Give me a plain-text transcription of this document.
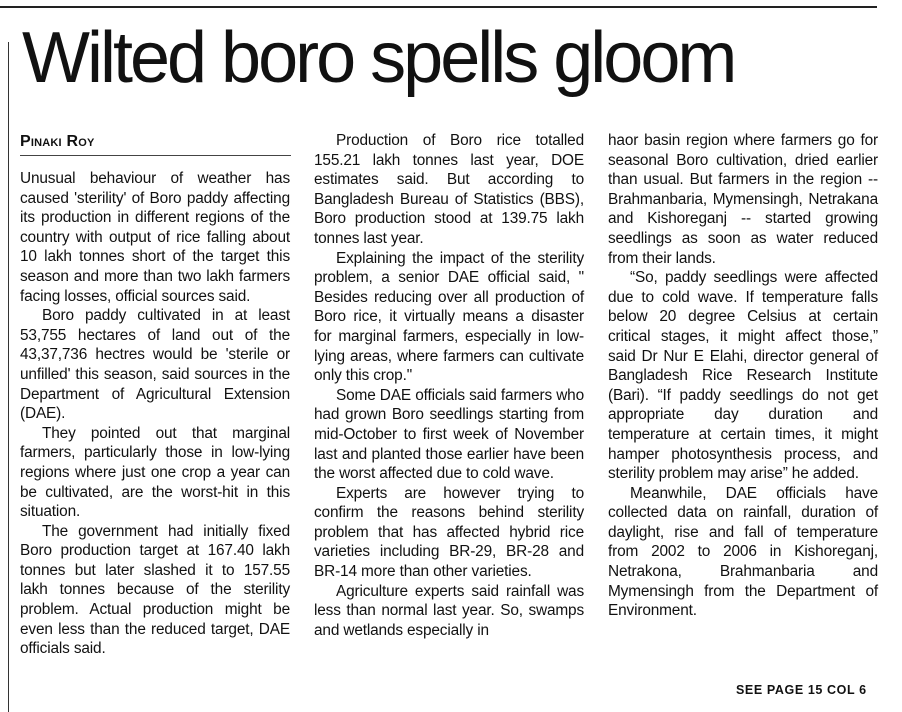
Wilted boro spells gloom
Pinaki Roy

Unusual behaviour of weather has caused 'sterility' of Boro paddy affecting its production in different regions of the country with output of rice falling about 10 lakh tonnes short of the target this season and more than two lakh farmers facing losses, official sources said.

Boro paddy cultivated in at least 53,755 hectares of land out of the 43,37,736 hectres would be 'sterile or unfilled' this season, said sources in the Department of Agricultural Extension (DAE).

They pointed out that marginal farmers, particularly those in low-lying regions where just one crop a year can be cultivated, are the worst-hit in this situation.

The government had initially fixed Boro production target at 167.40 lakh tonnes but later slashed it to 157.55 lakh tonnes because of the sterility problem. Actual production might be even less than the reduced target, DAE officials said.

Production of Boro rice totalled 155.21 lakh tonnes last year, DOE estimates said. But according to Bangladesh Bureau of Statistics (BBS), Boro production stood at 139.75 lakh tonnes last year.

Explaining the impact of the sterility problem, a senior DAE official said, " Besides reducing over all production of Boro rice, it virtually means a disaster for marginal farmers, especially in low-lying areas, where farmers can cultivate only this crop."

Some DAE officials said farmers who had grown Boro seedlings starting from mid-October to first week of November last and planted those earlier have been the worst affected due to cold wave.

Experts are however trying to confirm the reasons behind sterility problem that has affected hybrid rice varieties including BR-29, BR-28 and BR-14 more than other varieties.

Agriculture experts said rainfall was less than normal last year. So, swamps and wetlands especially in

haor basin region where farmers go for seasonal Boro cultivation, dried earlier than usual. But farmers in the region -- Brahmanbaria, Mymensingh, Netrakana and Kishoreganj -- started growing seedlings as soon as water reduced from their lands.

“So, paddy seedlings were affected due to cold wave. If temperature falls below 20 degree Celsius at certain critical stages, it might affect those,” said Dr Nur E Elahi, director general of Bangladesh Rice Research Institute (Bari). “If paddy seedlings do not get appropriate day duration and temperature at certain times, it might hamper photosynthesis process, and sterility problem may arise” he added.

Meanwhile, DAE officials have collected data on rainfall, duration of daylight, rise and fall of temperature from 2002 to 2006 in Kishoreganj, Netrakona, Brahmanbaria and Mymensingh from the Department of Environment.

SEE PAGE 15 COL 6
